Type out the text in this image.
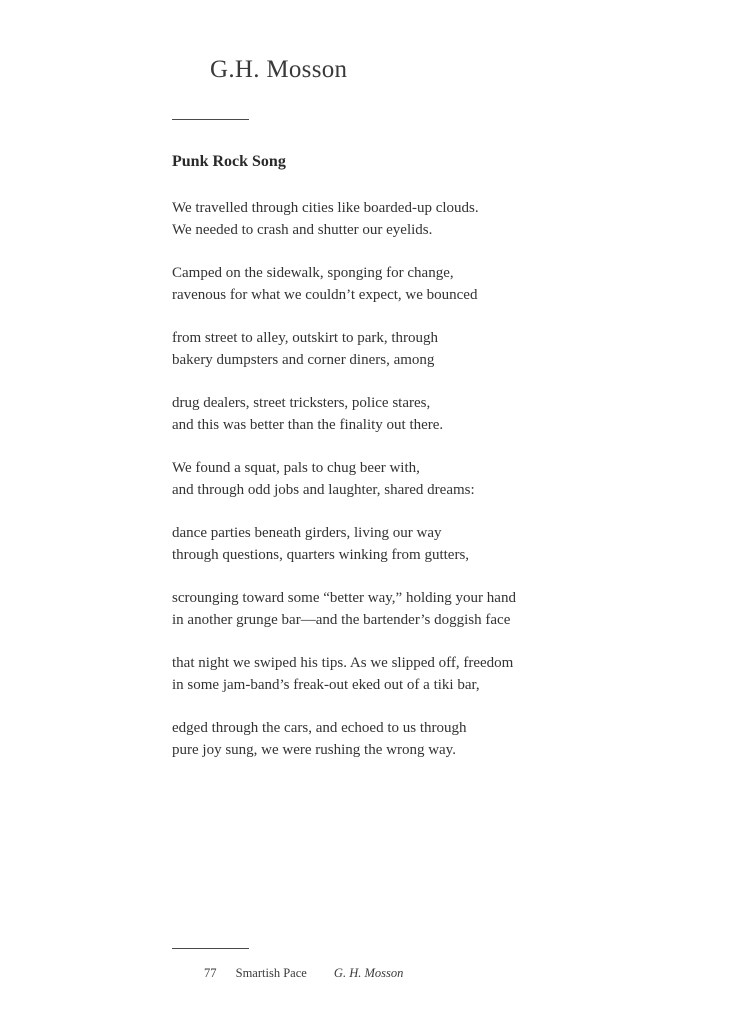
G.H. Mosson
Punk Rock Song
We travelled through cities like boarded-up clouds.
We needed to crash and shutter our eyelids.
Camped on the sidewalk, sponging for change,
ravenous for what we couldn’t expect, we bounced
from street to alley, outskirt to park, through
bakery dumpsters and corner diners, among
drug dealers, street tricksters, police stares,
and this was better than the finality out there.
We found a squat, pals to chug beer with,
and through odd jobs and laughter, shared dreams:
dance parties beneath girders, living our way
through questions, quarters winking from gutters,
scrounging toward some “better way,” holding your hand
in another grunge bar—and the bartender’s doggish face
that night we swiped his tips. As we slipped off, freedom
in some jam-band’s freak-out eked out of a tiki bar,
edged through the cars, and echoed to us through
pure joy sung, we were rushing the wrong way.
77 Smartish Pace G. H. Mosson
